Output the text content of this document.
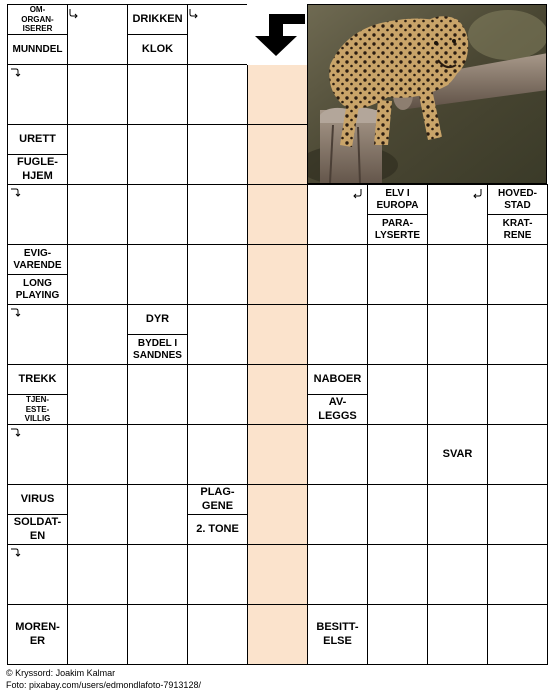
OM-
ORGAN-
ISERER
MUNNDEL
DRIKKEN
KLOK
URETT
FUGLE-
HJEM
ELV I
EUROPA
PARA-
LYSERTE
HOVED-
STAD
KRAT-
RENE
EVIG-
VARENDE
LONG
PLAYING
DYR
BYDEL I
SANDNES
TREKK
TJEN-
ESTE-
VILLIG
NABOER
AV-
LEGGS
SVAR
VIRUS
SOLDAT-
EN
PLAG-
GENE
2. TONE
MOREN-
ER
BESITT-
ELSE
© Kryssord: Joakim Kalmar
Foto: pixabay.com/users/edmondlafoto-7913128/
